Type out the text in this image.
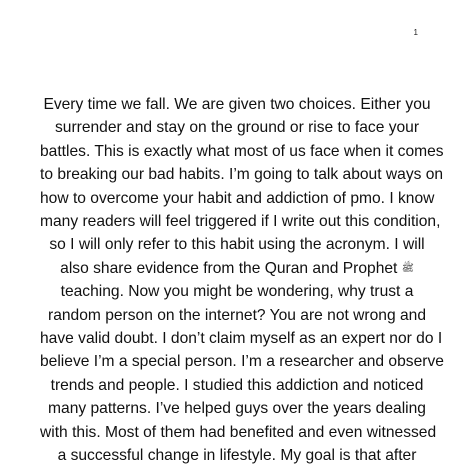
1
Every time we fall. We are given two choices. Either you
surrender and stay on the ground or rise to face your
battles. This is exactly what most of us face when it comes
to breaking our bad habits. I’m going to talk about ways on
how to overcome your habit and addiction of pmo. I know
many readers will feel triggered if I write out this condition,
so I will only refer to this habit using the acronym. I will
also share evidence from the Quran and Prophet ﷺ
teaching. Now you might be wondering, why trust a
random person on the internet? You are not wrong and
have valid doubt. I don’t claim myself as an expert nor do I
believe I’m a special person. I’m a researcher and observe
trends and people. I studied this addiction and noticed
many patterns. I’ve helped guys over the years dealing
with this. Most of them had benefited and even witnessed
a successful change in lifestyle. My goal is that after
